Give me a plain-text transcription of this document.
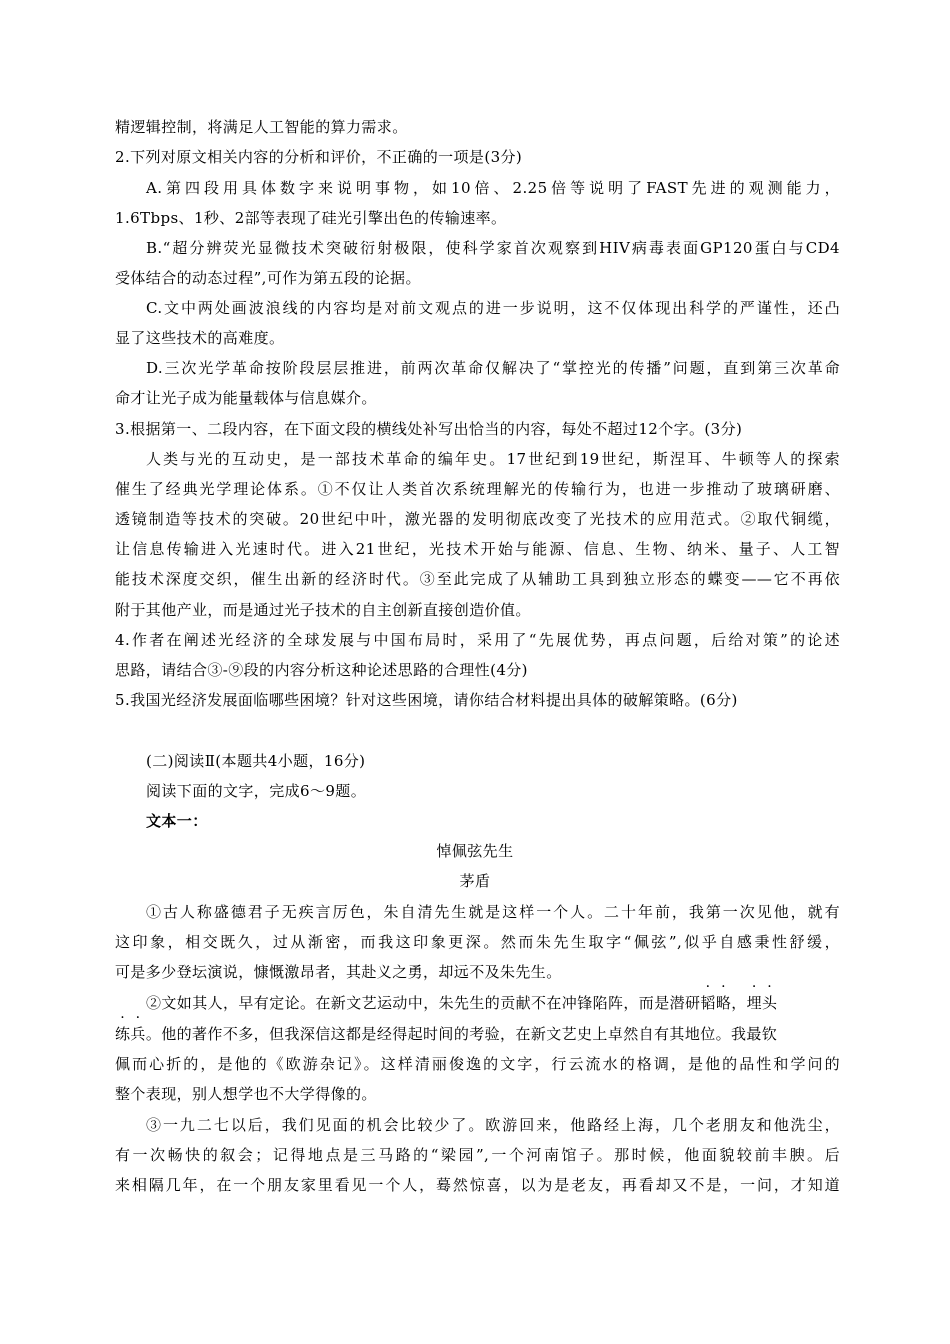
精逻辑控制，将满足人工智能的算力需求。
2.下列对原文相关内容的分析和评价，不正确的一项是(3分)
A.第四段用具体数字来说明事物，如10倍、2.25倍等说明了FAST先进的观测能力，
1.6Tbps、1秒、2部等表现了硅光引擎出色的传输速率。
B.“超分辨荧光显微技术突破衍射极限，使科学家首次观察到HIV病毒表面GP120蛋白与CD4
受体结合的动态过程”,可作为第五段的论据。
C.文中两处画波浪线的内容均是对前文观点的进一步说明，这不仅体现出科学的严谨性，还凸
显了这些技术的高难度。
D.三次光学革命按阶段层层推进，前两次革命仅解决了“掌控光的传播”问题，直到第三次革命
命才让光子成为能量载体与信息媒介。
3.根据第一、二段内容，在下面文段的横线处补写出恰当的内容，每处不超过12个字。(3分)
人类与光的互动史，是一部技术革命的编年史。17世纪到19世纪，斯涅耳、牛顿等人的探索
催生了经典光学理论体系。①不仅让人类首次系统理解光的传输行为，也进一步推动了玻璃研磨、
透镜制造等技术的突破。20世纪中叶，激光器的发明彻底改变了光技术的应用范式。②取代铜缆，
让信息传输进入光速时代。进入21世纪，光技术开始与能源、信息、生物、纳米、量子、人工智
能技术深度交织，催生出新的经济时代。③至此完成了从辅助工具到独立形态的蝶变——它不再依
附于其他产业，而是通过光子技术的自主创新直接创造价值。
4.作者在阐述光经济的全球发展与中国布局时，采用了“先展优势，再点问题，后给对策”的论述
思路，请结合③-⑨段的内容分析这种论述思路的合理性(4分)
5.我国光经济发展面临哪些困境？针对这些困境，请你结合材料提出具体的破解策略。(6分)
(二)阅读Ⅱ(本题共4小题，16分)
阅读下面的文字，完成6～9题。
文本一：
悼佩弦先生
茅盾
①古人称盛德君子无疾言厉色，朱自清先生就是这样一个人。二十年前，我第一次见他，就有
这印象，相交既久，过从渐密，而我这印象更深。然而朱先生取字“佩弦”,似乎自感秉性舒缓，
可是多少登坛演说，慷慨激昂者，其赴义之勇，却远不及朱先生。
②文如其人，早有定论。在新文艺运动中，朱先生的贡献不在冲锋陷阵，而是潜研韬略，埋头
练兵。他的著作不多，但我深信这都是经得起时间的考验，在新文艺史上卓然自有其地位。我最钦
佩而心折的，是他的《欧游杂记》。这样清丽俊逸的文字，行云流水的格调，是他的品性和学问的
整个表现，别人想学也不大学得像的。
③一九二七以后，我们见面的机会比较少了。欧游回来，他路经上海，几个老朋友和他洗尘，
有一次畅快的叙会；记得地点是三马路的“梁园”,一个河南馆子。那时候，他面貌较前丰腴。后
来相隔几年，在一个朋友家里看见一个人，蓦然惊喜，以为是老友，再看却又不是，一问，才知道
